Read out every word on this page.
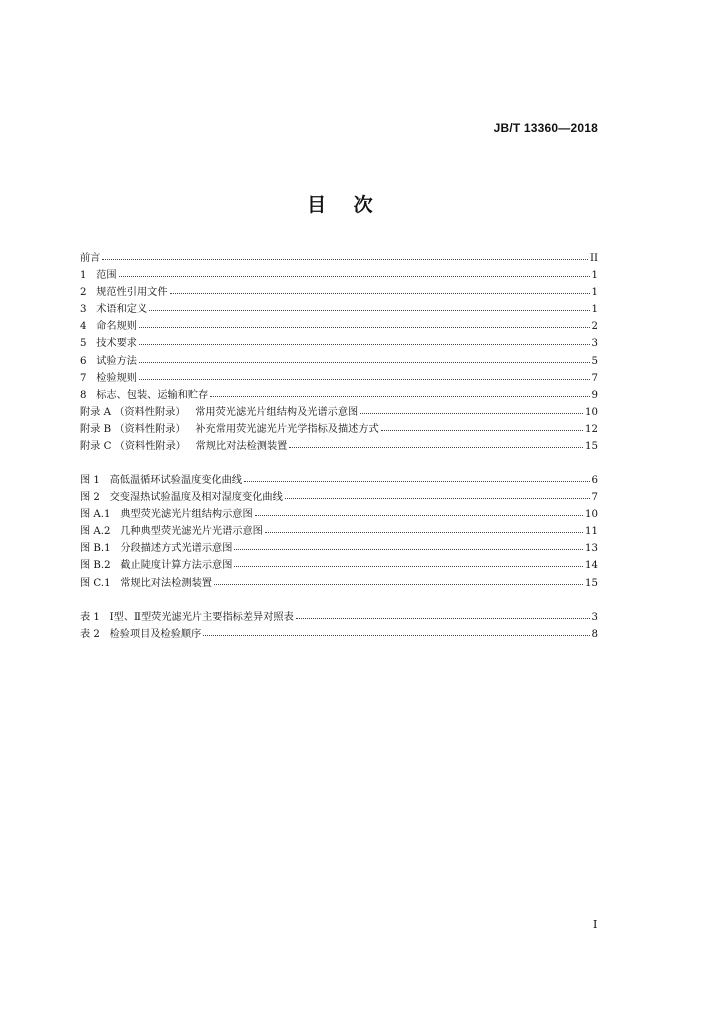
JB/T 13360—2018
目    次
前言	II
1   范围	1
2   规范性引用文件	1
3   术语和定义	1
4   命名规则	2
5   技术要求	3
6   试验方法	5
7   检验规则	7
8   标志、包装、运输和贮存	9
附录 A （资料性附录）   常用荧光滤光片组结构及光谱示意图	10
附录 B （资料性附录）   补充常用荧光滤光片光学指标及描述方式	12
附录 C （资料性附录）   常规比对法检测装置	15
图 1   高低温循环试验温度变化曲线	6
图 2   交变湿热试验温度及相对湿度变化曲线	7
图 A.1   典型荧光滤光片组结构示意图	10
图 A.2   几种典型荧光滤光片光谱示意图	11
图 B.1   分段描述方式光谱示意图	13
图 B.2   截止陡度计算方法示意图	14
图 C.1   常规比对法检测装置	15
表 1   Ⅰ型、Ⅱ型荧光滤光片主要指标差异对照表	3
表 2   检验项目及检验顺序	8
I
